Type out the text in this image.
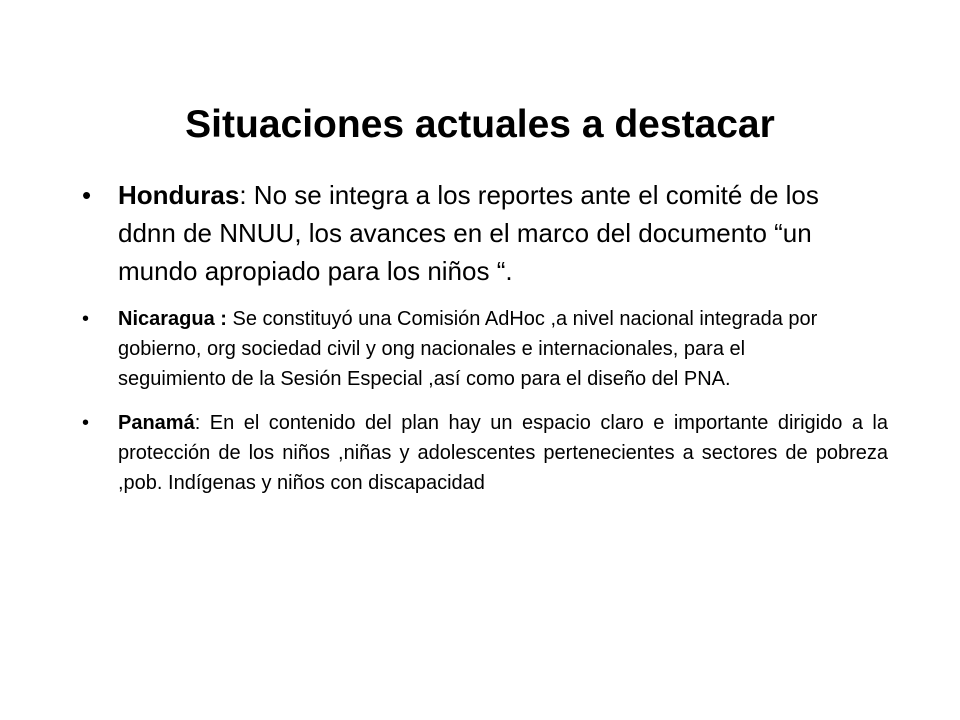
Situaciones actuales a destacar
• Honduras: No se integra a los reportes ante el comité de los ddnn de NNUU, los avances en el marco del documento “un mundo apropiado para los niños “.
• Nicaragua : Se constituyó una Comisión AdHoc ,a nivel nacional integrada por gobierno, org sociedad civil y ong nacionales e internacionales, para el seguimiento de la Sesión Especial ,así como para el diseño del PNA.
• Panamá: En el contenido del plan hay un espacio claro e importante dirigido a la protección de los niños ,niñas y adolescentes pertenecientes a sectores de pobreza ,pob. Indígenas y niños con discapacidad
